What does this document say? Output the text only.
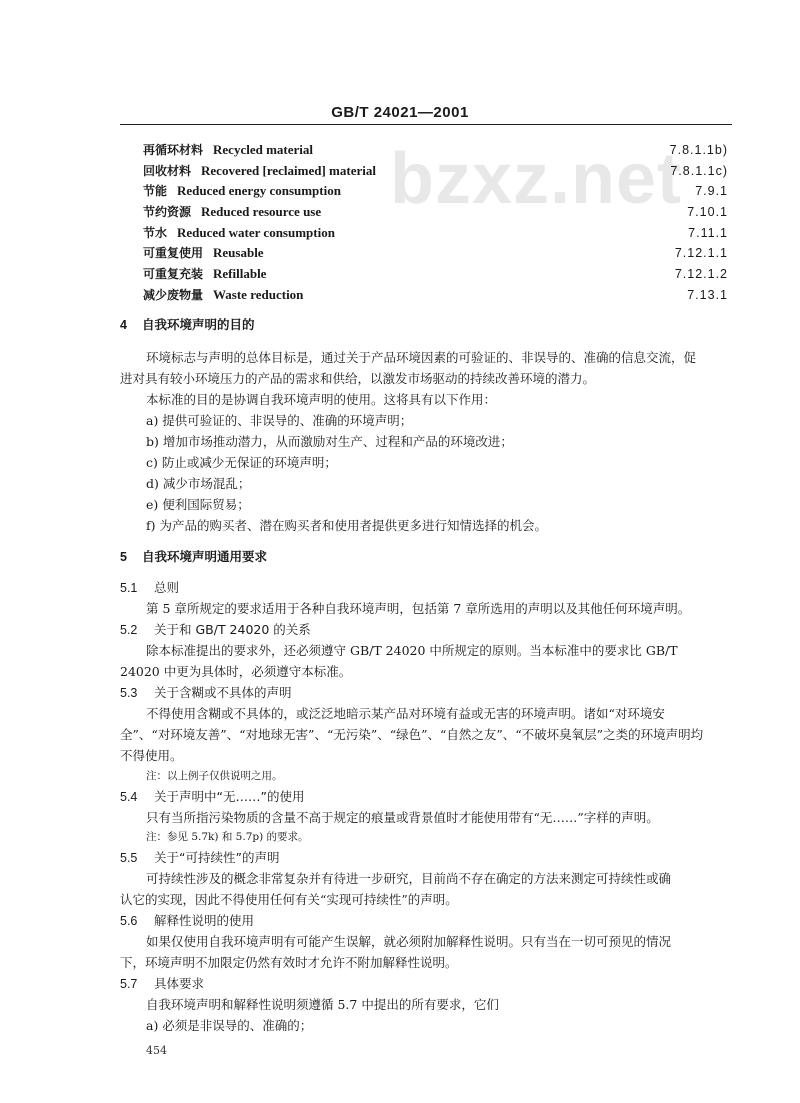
GB/T 24021—2001
bzxz.net
再循环材料 Recycled material	7.8.1.1b)
回收材料 Recovered [reclaimed] material	7.8.1.1c)
节能 Reduced energy consumption	7.9.1
节约资源 Reduced resource use	7.10.1
节水 Reduced water consumption	7.11.1
可重复使用 Reusable	7.12.1.1
可重复充装 Refillable	7.12.1.2
减少废物量 Waste reduction	7.13.1
4 自我环境声明的目的
环境标志与声明的总体目标是，通过关于产品环境因素的可验证的、非误导的、准确的信息交流，促
进对具有较小环境压力的产品的需求和供给，以激发市场驱动的持续改善环境的潜力。
本标准的目的是协调自我环境声明的使用。这将具有以下作用：
a) 提供可验证的、非误导的、准确的环境声明；
b) 增加市场推动潜力，从而激励对生产、过程和产品的环境改进；
c) 防止或减少无保证的环境声明；
d) 减少市场混乱；
e) 便利国际贸易；
f) 为产品的购买者、潜在购买者和使用者提供更多进行知情选择的机会。
5 自我环境声明通用要求
5.1 总则
第 5 章所规定的要求适用于各种自我环境声明，包括第 7 章所选用的声明以及其他任何环境声明。
5.2 关于和 GB/T 24020 的关系
除本标准提出的要求外，还必须遵守 GB/T 24020 中所规定的原则。当本标准中的要求比 GB/T
24020 中更为具体时，必须遵守本标准。
5.3 关于含糊或不具体的声明
不得使用含糊或不具体的，或泛泛地暗示某产品对环境有益或无害的环境声明。诸如“对环境安
全”、“对环境友善”、“对地球无害”、“无污染”、“绿色”、“自然之友”、“不破坏臭氧层”之类的环境声明均
不得使用。
注：以上例子仅供说明之用。
5.4 关于声明中“无……”的使用
只有当所指污染物质的含量不高于规定的痕量或背景值时才能使用带有“无……”字样的声明。
注：参见 5.7k) 和 5.7p) 的要求。
5.5 关于“可持续性”的声明
可持续性涉及的概念非常复杂并有待进一步研究，目前尚不存在确定的方法来测定可持续性或确
认它的实现，因此不得使用任何有关“实现可持续性”的声明。
5.6 解释性说明的使用
如果仅使用自我环境声明有可能产生误解，就必须附加解释性说明。只有当在一切可预见的情况
下，环境声明不加限定仍然有效时才允许不附加解释性说明。
5.7 具体要求
自我环境声明和解释性说明须遵循 5.7 中提出的所有要求，它们
a) 必须是非误导的、准确的；
454
